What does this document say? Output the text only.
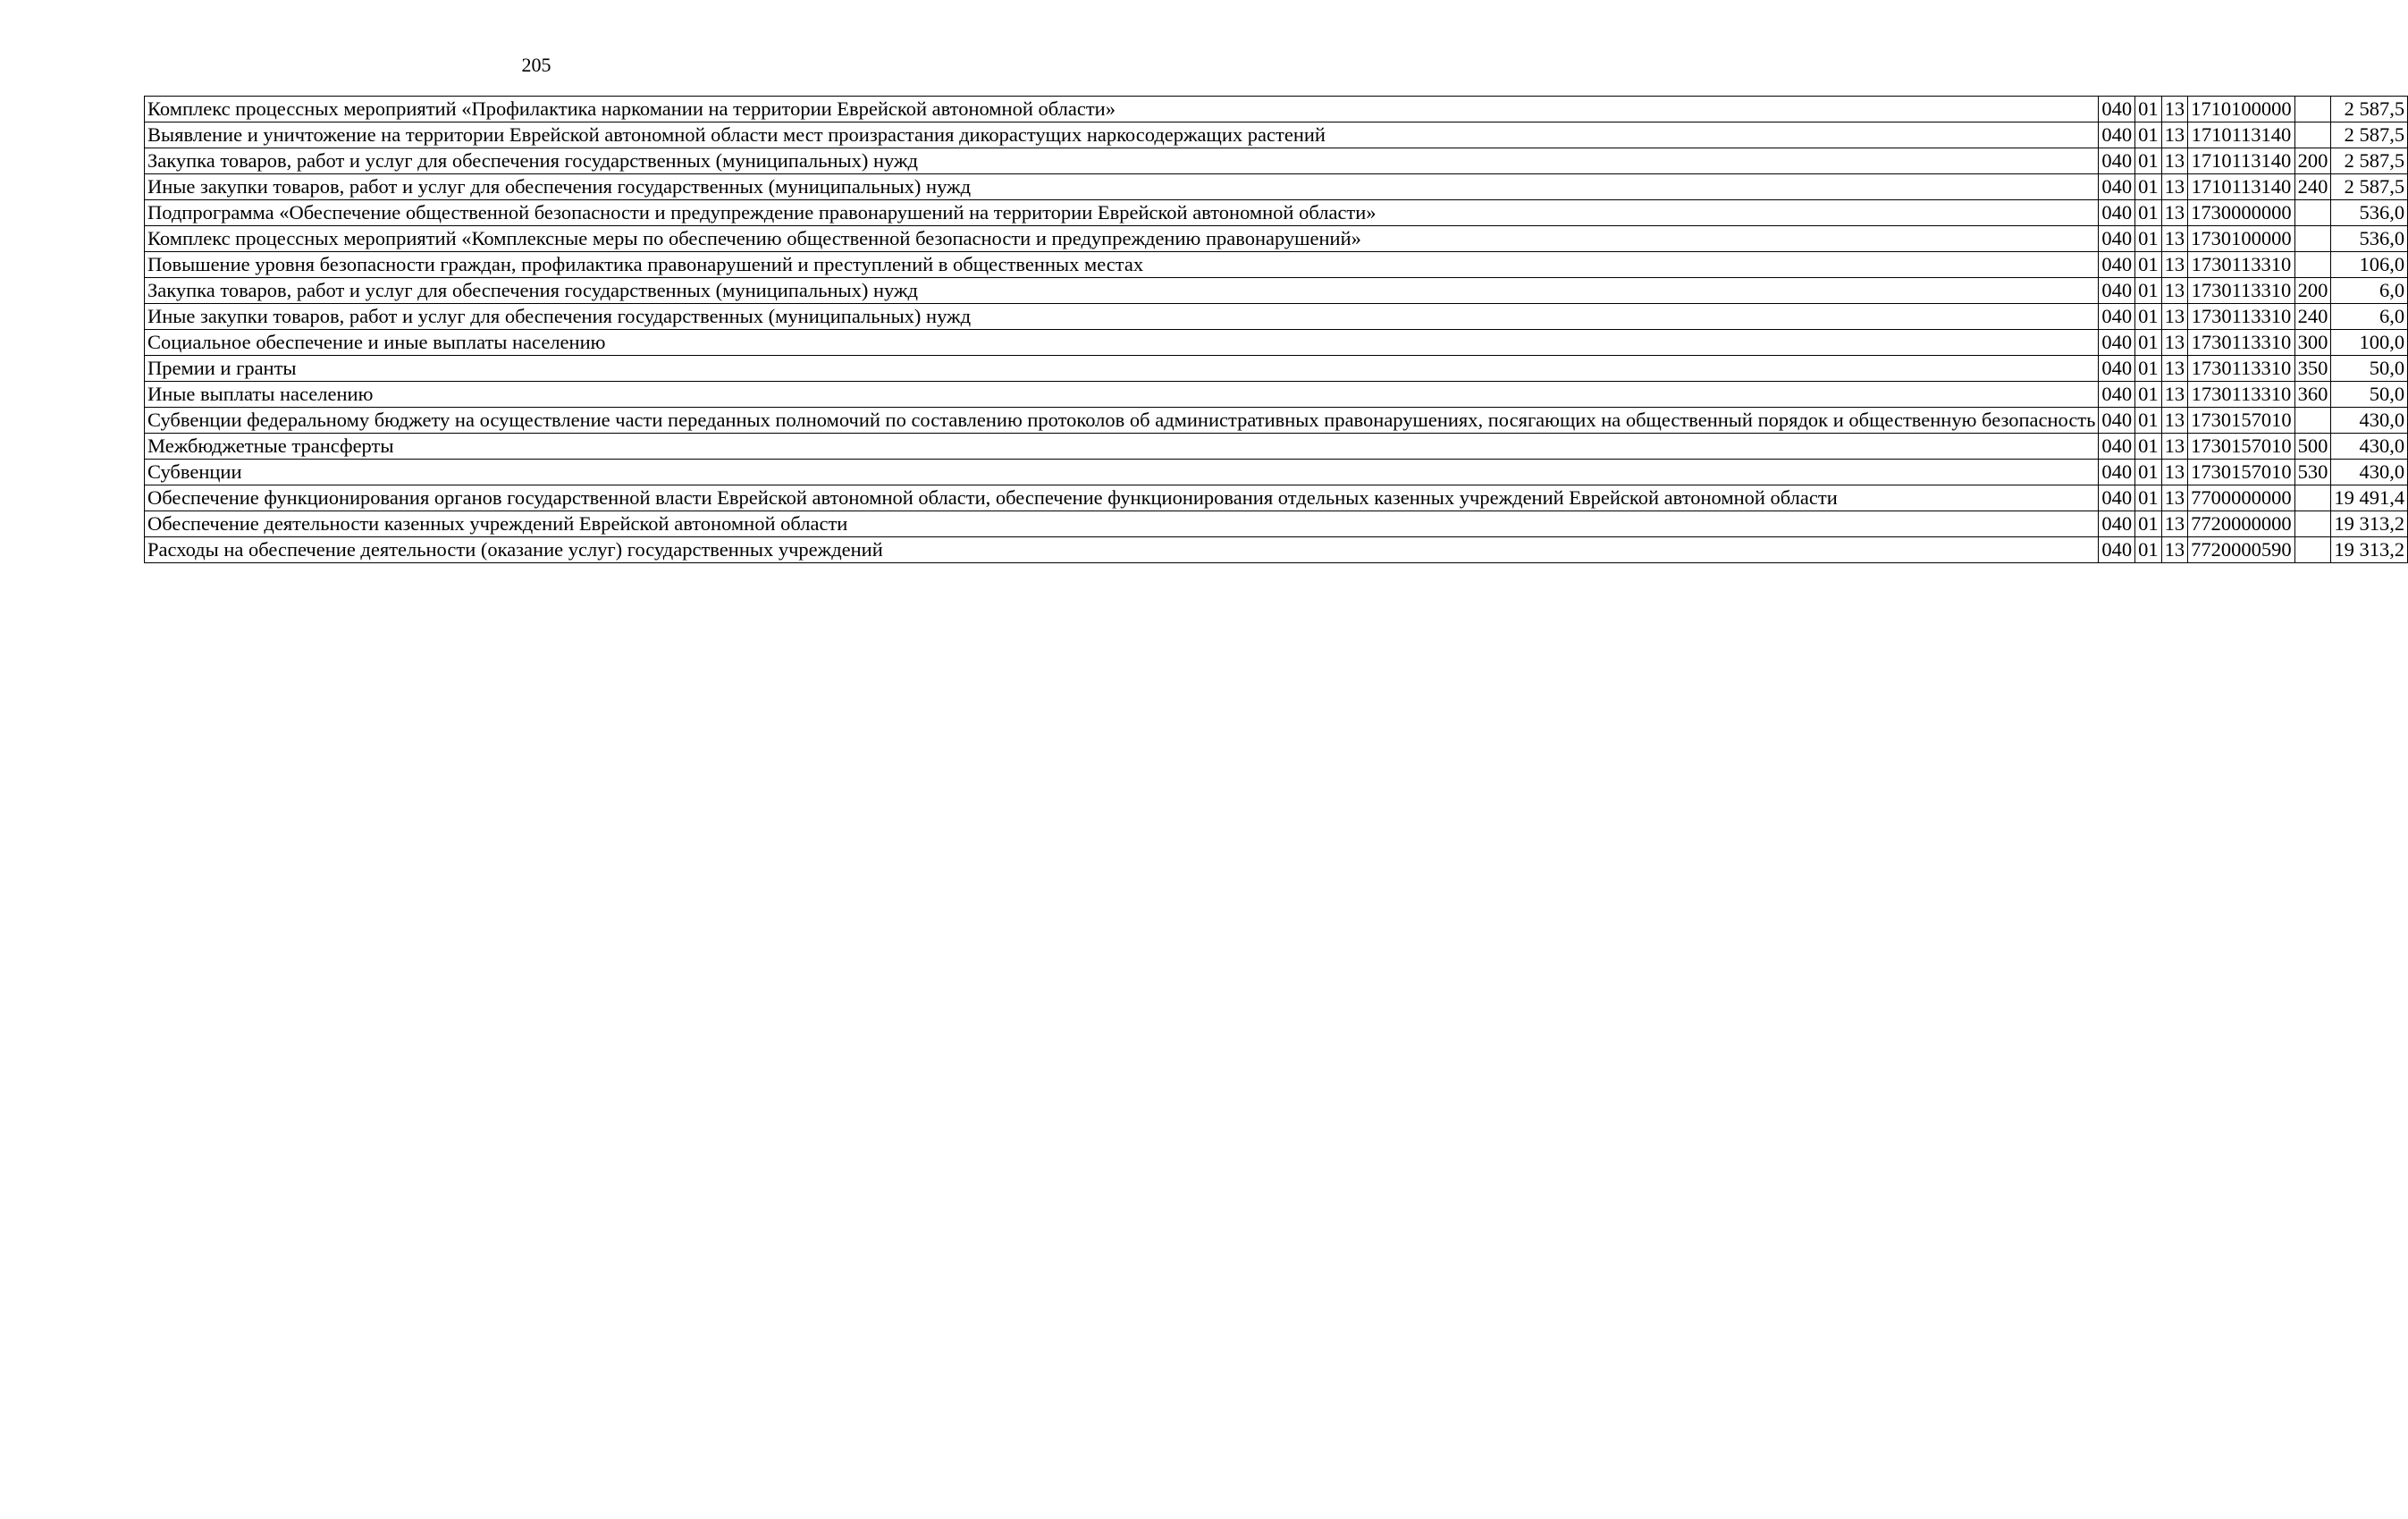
205
Комплекс процессных мероприятий «Профилактика наркомании на территории Еврейской автономной области»	040	01	13	1710100000		2 587,5
Выявление и уничтожение на территории Еврейской автономной области мест произрастания дикорастущих наркосодержащих растений	040	01	13	1710113140		2 587,5
Закупка товаров, работ и услуг для обеспечения государственных (муниципальных) нужд	040	01	13	1710113140	200	2 587,5
Иные закупки товаров, работ и услуг для обеспечения государственных (муниципальных) нужд	040	01	13	1710113140	240	2 587,5
Подпрограмма «Обеспечение общественной безопасности и предупреждение правонарушений на территории Еврейской автономной области»	040	01	13	1730000000		536,0
Комплекс процессных мероприятий «Комплексные меры по обеспечению общественной безопасности и предупреждению правонарушений»	040	01	13	1730100000		536,0
Повышение уровня безопасности граждан, профилактика правонарушений и преступлений в общественных местах	040	01	13	1730113310		106,0
Закупка товаров, работ и услуг для обеспечения государственных (муниципальных) нужд	040	01	13	1730113310	200	6,0
Иные закупки товаров, работ и услуг для обеспечения государственных (муниципальных) нужд	040	01	13	1730113310	240	6,0
Социальное обеспечение и иные выплаты населению	040	01	13	1730113310	300	100,0
Премии и гранты	040	01	13	1730113310	350	50,0
Иные выплаты населению	040	01	13	1730113310	360	50,0
Субвенции федеральному бюджету на осуществление части переданных полномочий по составлению протоколов об административных правонарушениях, посягающих на общественный порядок и общественную безопасность	040	01	13	1730157010		430,0
Межбюджетные трансферты	040	01	13	1730157010	500	430,0
Субвенции	040	01	13	1730157010	530	430,0
Обеспечение функционирования органов государственной власти Еврейской автономной области, обеспечение функционирования отдельных казенных учреждений Еврейской автономной области	040	01	13	7700000000		19 491,4
Обеспечение деятельности казенных учреждений Еврейской автономной области	040	01	13	7720000000		19 313,2
Расходы на обеспечение деятельности (оказание услуг) государственных учреждений	040	01	13	7720000590		19 313,2
